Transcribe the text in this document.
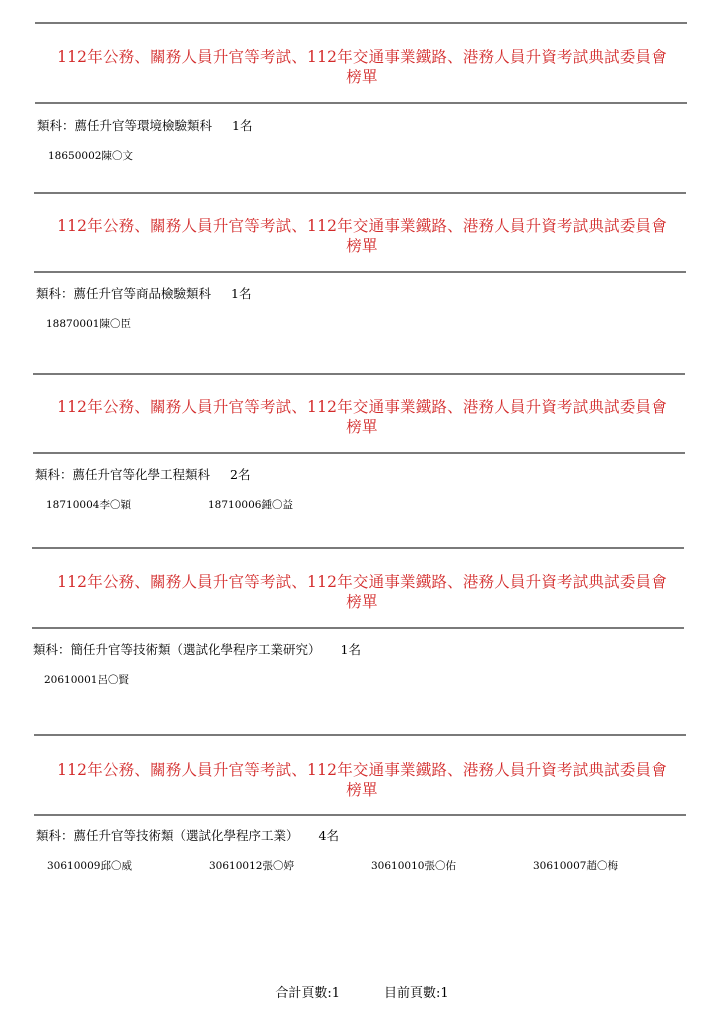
112年公務、關務人員升官等考試、112年交通事業鐵路、港務人員升資考試典試委員會
榜單
類科：薦任升官等環境檢驗類科 1名
18650002陳〇文
112年公務、關務人員升官等考試、112年交通事業鐵路、港務人員升資考試典試委員會
榜單
類科：薦任升官等商品檢驗類科 1名
18870001陳〇臣
112年公務、關務人員升官等考試、112年交通事業鐵路、港務人員升資考試典試委員會
榜單
類科：薦任升官等化學工程類科 2名
18710004李〇穎	18710006鍾〇益
112年公務、關務人員升官等考試、112年交通事業鐵路、港務人員升資考試典試委員會
榜單
類科：簡任升官等技術類（選試化學程序工業研究） 1名
20610001呂〇賢
112年公務、關務人員升官等考試、112年交通事業鐵路、港務人員升資考試典試委員會
榜單
類科：薦任升官等技術類（選試化學程序工業） 4名
30610009邱〇威	30610012張〇婷	30610010張〇佑	30610007趙〇梅
合計頁數:1	目前頁數:1
